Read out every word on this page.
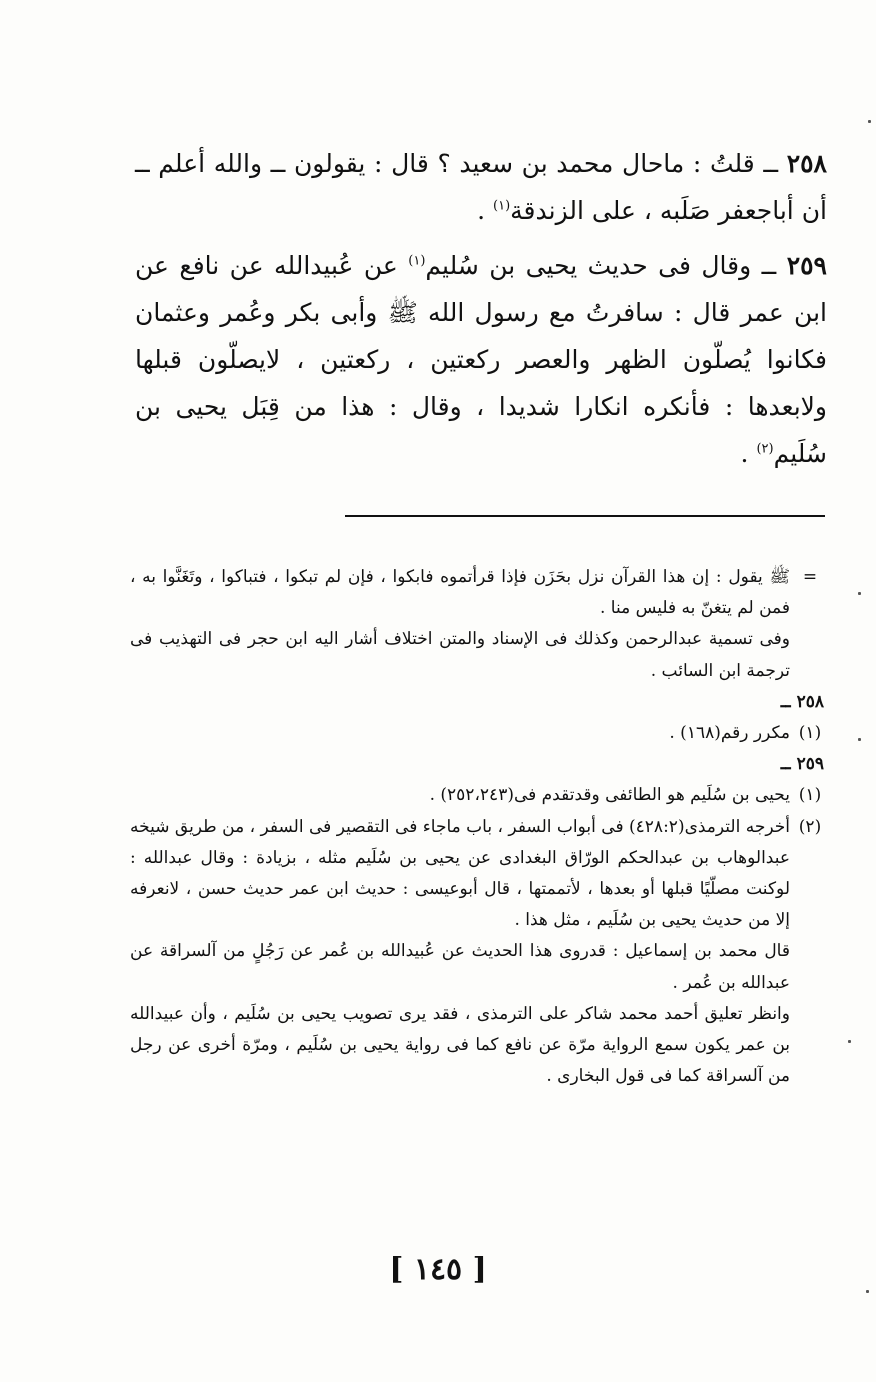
٢٥٨ ــ قلتُ : ماحال محمد بن سعيد ؟ قال : يقولون ــ والله أعلم ــ أن أباجعفر صَلَبه ، على الزندقة$^{(١)}$ .

٢٥٩ ــ وقال فى حديث يحيى بن سُليم$^{(١)}$ عن عُبيدالله عن نافع عن ابن عمر قال : سافرتُ مع رسول الله ﷺ وأبى بكر وعُمر وعثمان فكانوا يُصلّون الظهر والعصر ركعتين ، ركعتين ، لايصلّون قبلها ولابعدها : فأنكره انكارا شديدا ، وقال : هذا من قِبَل يحيى بن سُلَيم$^{(٢)}$ .

=
ﷺ يقول : إن هذا القرآن نزل بحَزَن فإذا قرأتموه فابكوا ، فإن لم تبكوا ، فتباكوا ، وتَغَنَّوا به ، فمن لم يتغنّ به فليس منا .
وفى تسمية عبدالرحمن وكذلك فى الإسناد والمتن اختلاف أشار اليه ابن حجر فى التهذيب فى ترجمة ابن السائب .
٢٥٨ ــ
(١)
مكرر رقم(١٦٨) .
٢٥٩ ــ
(١)
يحيى بن سُلَيم هو الطائفى وقدتقدم فى(٢٥٢،٢٤٣) .
(٢)
أخرجه الترمذى(٤٢٨:٢) فى أبواب السفر ، باب ماجاء فى التقصير فى السفر ، من طريق شيخه عبدالوهاب بن عبدالحكم الورّاق البغدادى عن يحيى بن سُلَيم مثله ، بزيادة : وقال عبدالله : لوكنت مصلّيًا قبلها أو بعدها ، لأتممتها ، قال أبوعيسى : حديث ابن عمر حديث حسن ، لانعرفه إلا من حديث يحيى بن سُلَيم ، مثل هذا .
قال محمد بن إسماعيل : قدروى هذا الحديث عن عُبيدالله بن عُمر عن رَجُلٍ من آلسراقة عن عبدالله بن عُمر .
وانظر تعليق أحمد محمد شاكر على الترمذى ، فقد يرى تصويب يحيى بن سُلَيم ، وأن عبيدالله بن عمر يكون سمع الرواية مرّة عن نافع كما فى رواية يحيى بن سُلَيم ، ومرّة أخرى عن رجل من آلسراقة كما فى قول البخارى .
[ ١٤٥ ]
